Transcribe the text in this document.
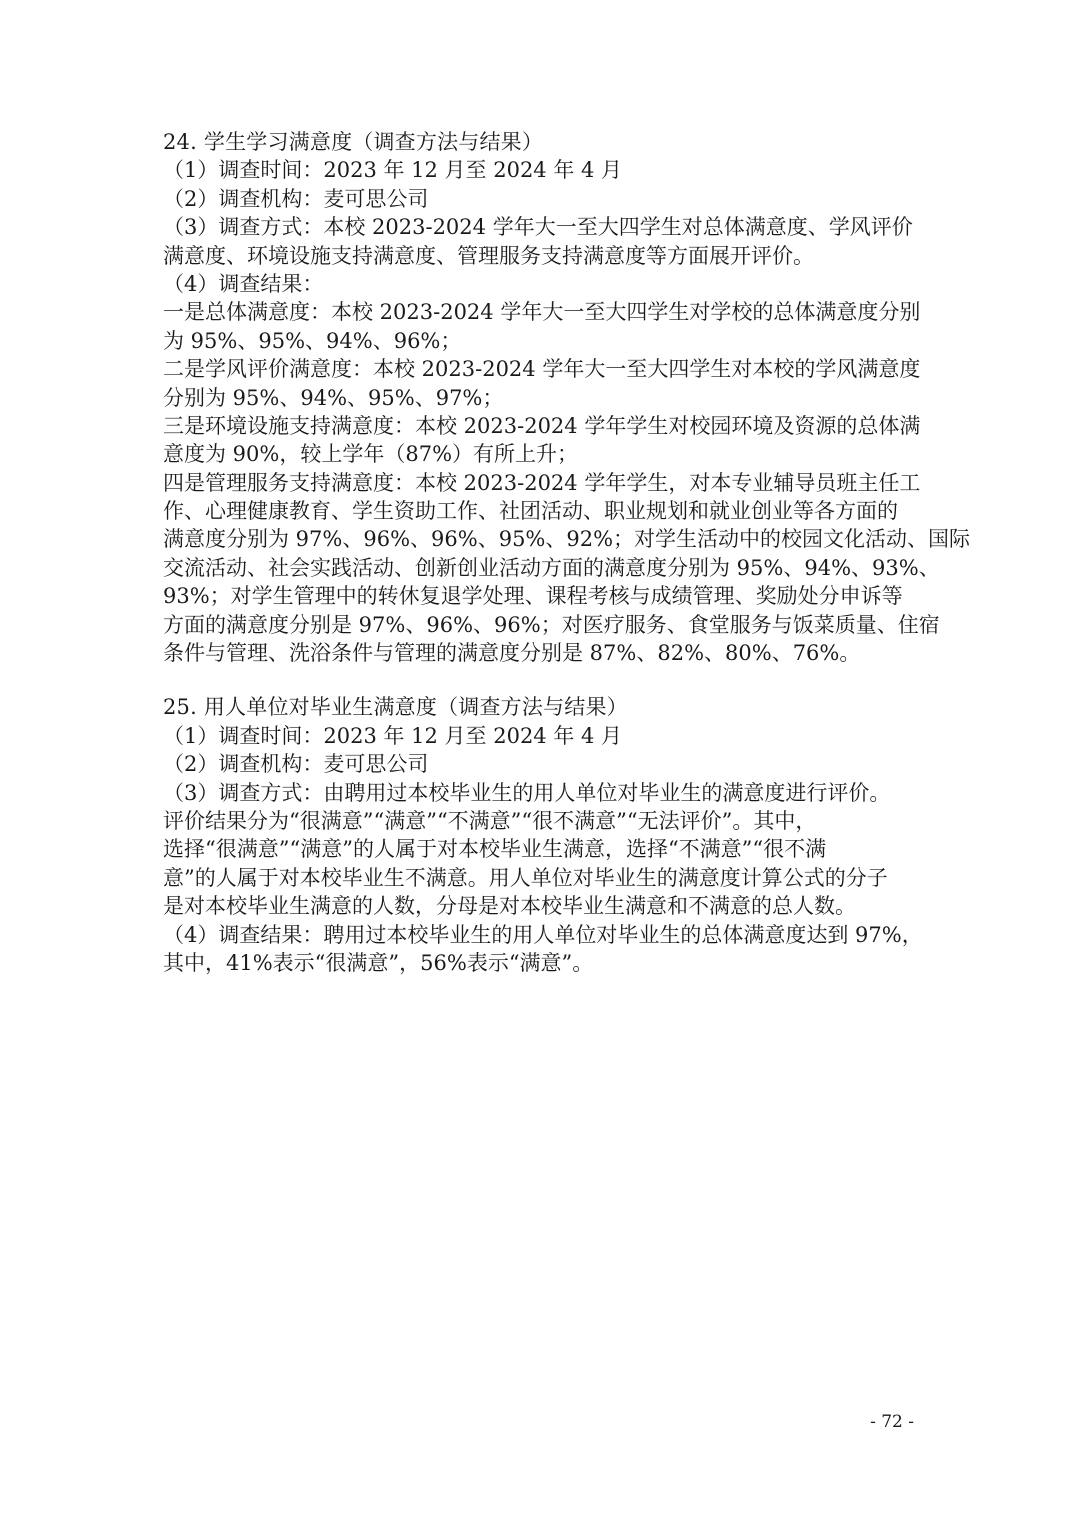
24. 学生学习满意度（调查方法与结果）
（1）调查时间：2023 年 12 月至 2024 年 4 月
（2）调查机构：麦可思公司
（3）调查方式：本校 2023-2024 学年大一至大四学生对总体满意度、学风评价
满意度、环境设施支持满意度、管理服务支持满意度等方面展开评价。
（4）调查结果：
一是总体满意度：本校 2023-2024 学年大一至大四学生对学校的总体满意度分别
为 95%、95%、94%、96%；
二是学风评价满意度：本校 2023-2024 学年大一至大四学生对本校的学风满意度
分别为 95%、94%、95%、97%；
三是环境设施支持满意度：本校 2023-2024 学年学生对校园环境及资源的总体满
意度为 90%，较上学年（87%）有所上升；
四是管理服务支持满意度：本校 2023-2024 学年学生，对本专业辅导员班主任工
作、心理健康教育、学生资助工作、社团活动、职业规划和就业创业等各方面的
满意度分别为 97%、96%、96%、95%、92%；对学生活动中的校园文化活动、国际
交流活动、社会实践活动、创新创业活动方面的满意度分别为 95%、94%、93%、
93%；对学生管理中的转休复退学处理、课程考核与成绩管理、奖励处分申诉等
方面的满意度分别是 97%、96%、96%；对医疗服务、食堂服务与饭菜质量、住宿
条件与管理、洗浴条件与管理的满意度分别是 87%、82%、80%、76%。
25. 用人单位对毕业生满意度（调查方法与结果）
（1）调查时间：2023 年 12 月至 2024 年 4 月
（2）调查机构：麦可思公司
（3）调查方式：由聘用过本校毕业生的用人单位对毕业生的满意度进行评价。
评价结果分为“很满意”“满意”“不满意”“很不满意”“无法评价”。其中，
选择“很满意”“满意”的人属于对本校毕业生满意，选择“不满意”“很不满
意”的人属于对本校毕业生不满意。用人单位对毕业生的满意度计算公式的分子
是对本校毕业生满意的人数，分母是对本校毕业生满意和不满意的总人数。
（4）调查结果：聘用过本校毕业生的用人单位对毕业生的总体满意度达到 97%，
其中，41%表示“很满意”，56%表示“满意”。
- 72 -
